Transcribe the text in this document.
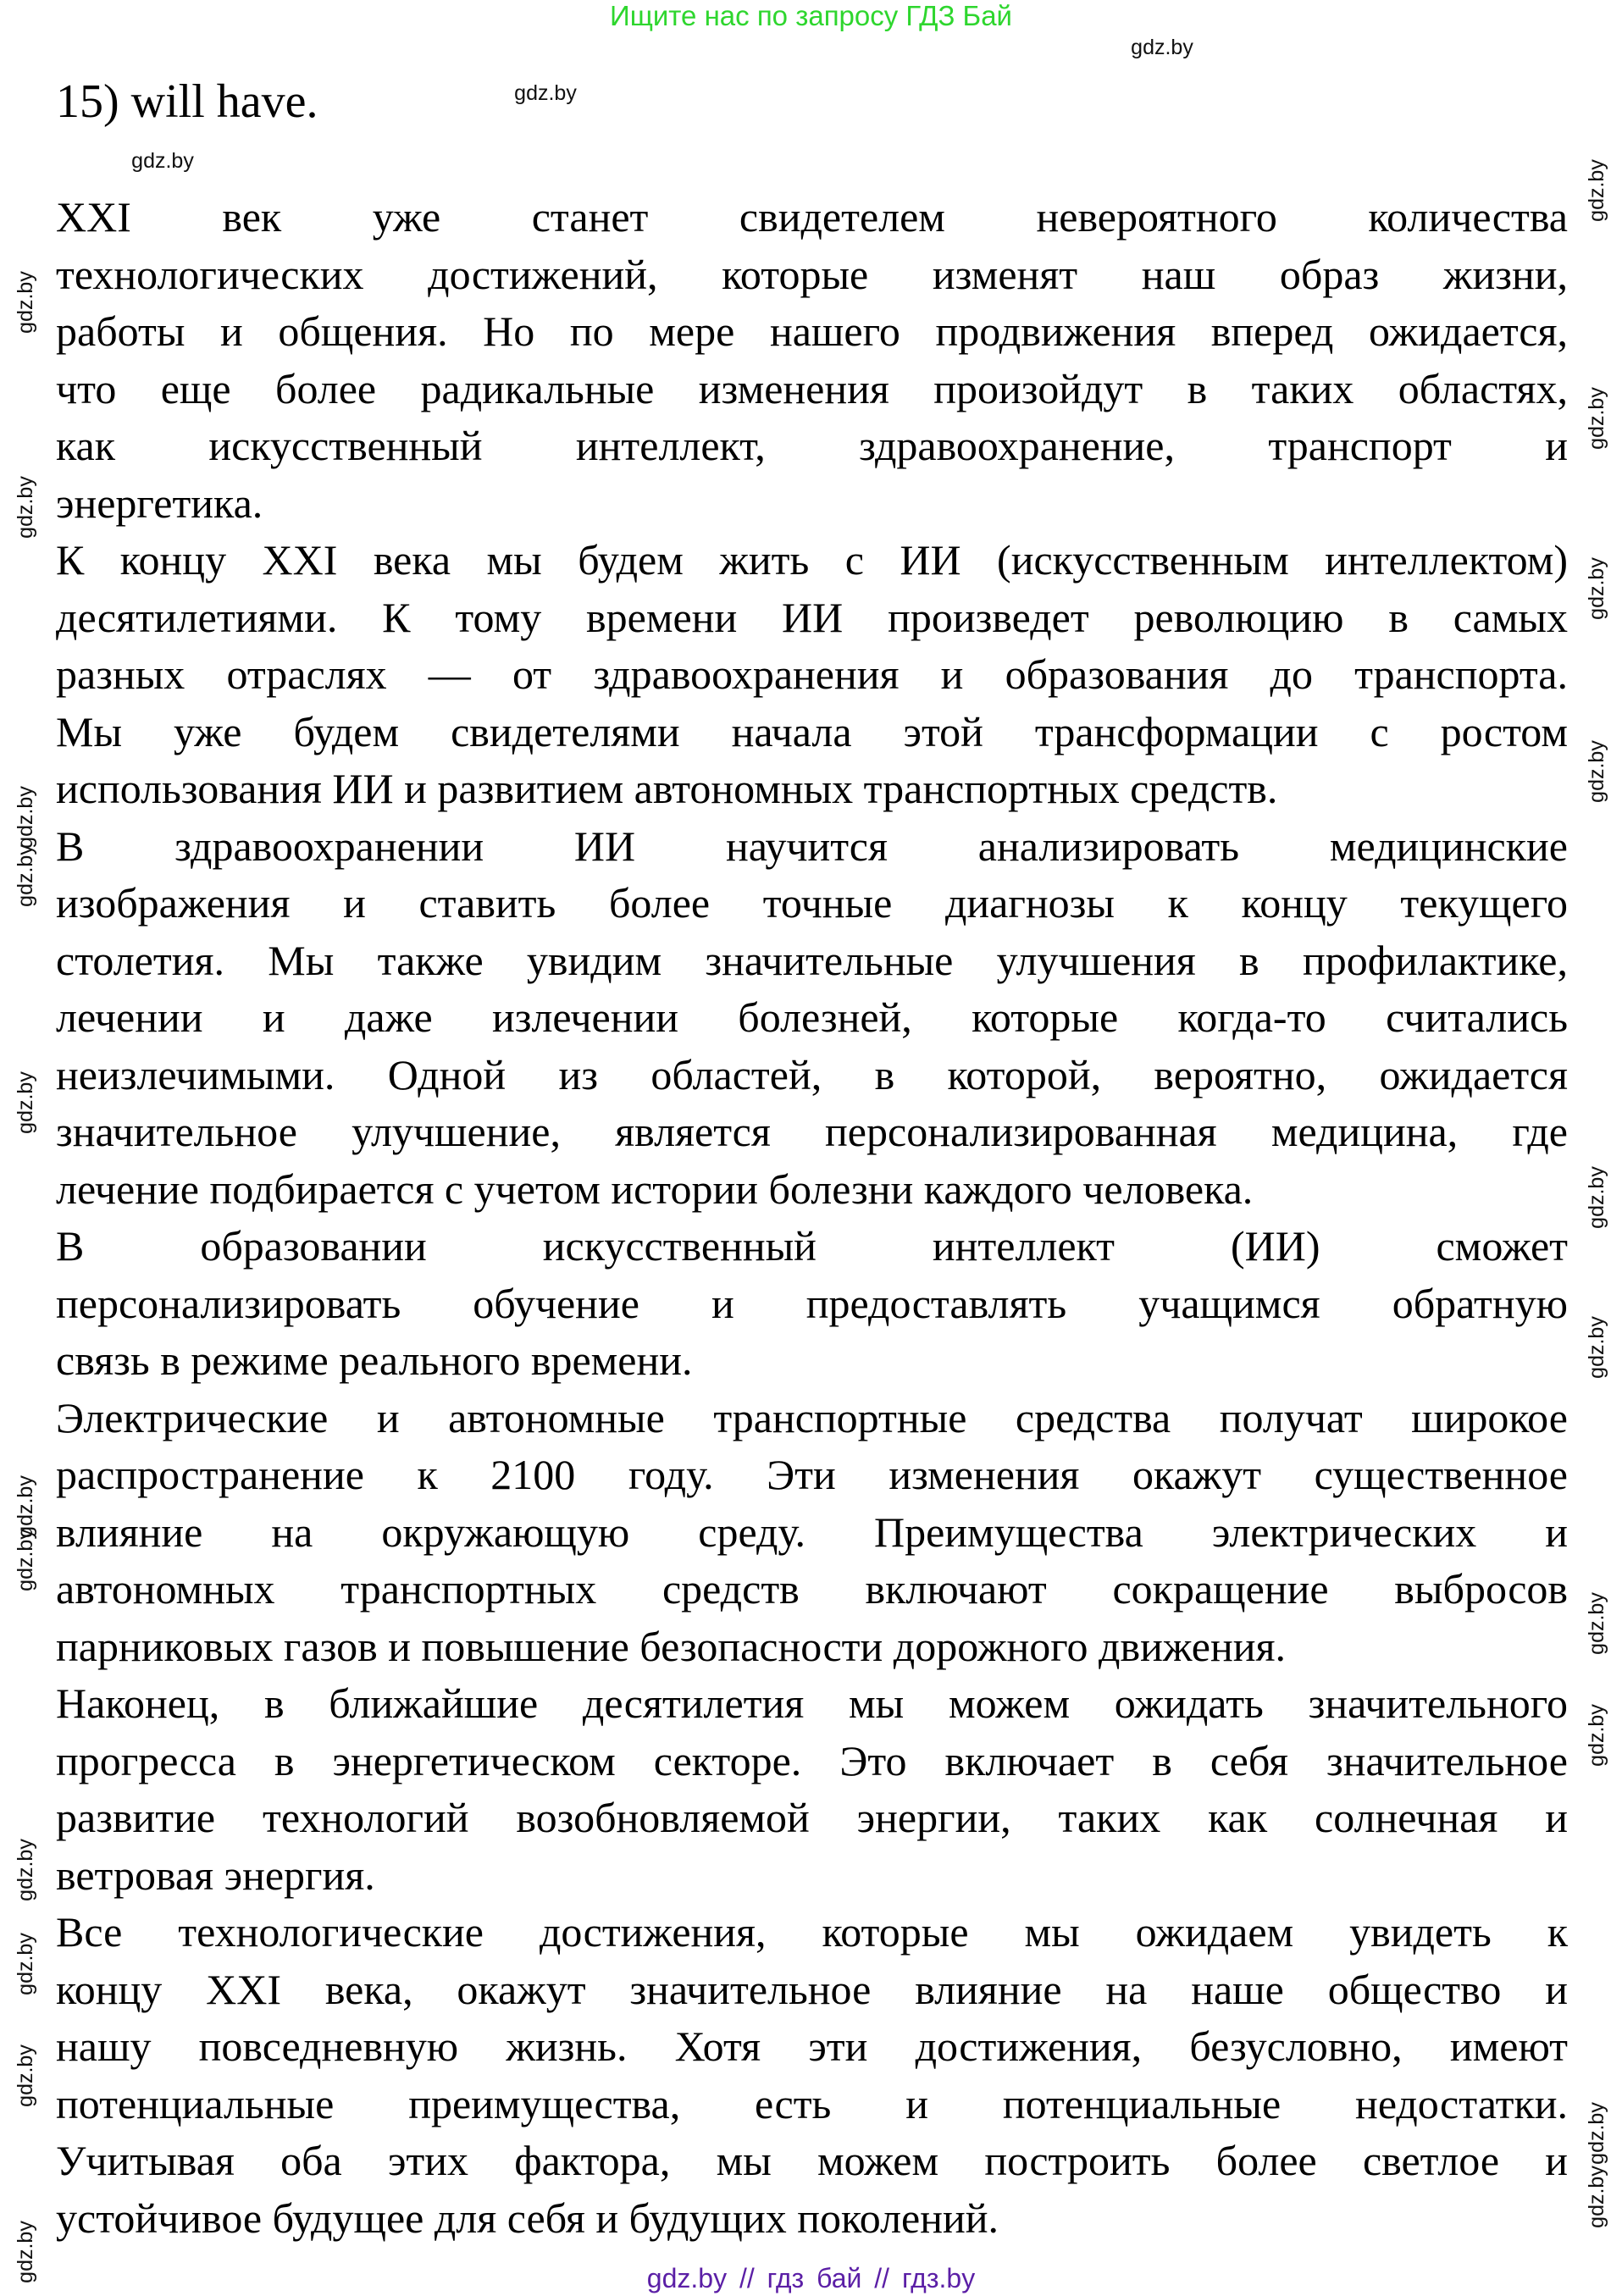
Ищите нас по запросу ГДЗ Бай
15) will have.
XXI век уже станет свидетелем невероятного количества
технологических достижений, которые изменят наш образ жизни,
работы и общения. Но по мере нашего продвижения вперед ожидается,
что еще более радикальные изменения произойдут в таких областях,
как искусственный интеллект, здравоохранение, транспорт и
энергетика.
К концу XXI века мы будем жить с ИИ (искусственным интеллектом)
десятилетиями. К тому времени ИИ произведет революцию в самых
разных отраслях — от здравоохранения и образования до транспорта.
Мы уже будем свидетелями начала этой трансформации с ростом
использования ИИ и развитием автономных транспортных средств.
В здравоохранении ИИ научится анализировать медицинские
изображения и ставить более точные диагнозы к концу текущего
столетия. Мы также увидим значительные улучшения в профилактике,
лечении и даже излечении болезней, которые когда-то считались
неизлечимыми. Одной из областей, в которой, вероятно, ожидается
значительное улучшение, является персонализированная медицина, где
лечение подбирается с учетом истории болезни каждого человека.
В образовании искусственный интеллект (ИИ) сможет
персонализировать обучение и предоставлять учащимся обратную
связь в режиме реального времени.
Электрические и автономные транспортные средства получат широкое
распространение к 2100 году. Эти изменения окажут существенное
влияние на окружающую среду. Преимущества электрических и
автономных транспортных средств включают сокращение выбросов
парниковых газов и повышение безопасности дорожного движения.
Наконец, в ближайшие десятилетия мы можем ожидать значительного
прогресса в энергетическом секторе. Это включает в себя значительное
развитие технологий возобновляемой энергии, таких как солнечная и
ветровая энергия.
Все технологические достижения, которые мы ожидаем увидеть к
концу XXI века, окажут значительное влияние на наше общество и
нашу повседневную жизнь. Хотя эти достижения, безусловно, имеют
потенциальные преимущества, есть и потенциальные недостатки.
Учитывая оба этих фактора, мы можем построить более светлое и
устойчивое будущее для себя и будущих поколений.
gdz.by
gdz.by
gdz.by
gdz.by
gdz.by
gdz.by
gdz.by
gdz.by
gdz.by
gdz.by
gdz.by
gdz.by
gdz.by
gdz.by
gdz.by
gdz.by
gdz.by
gdz.by
gdz.by
gdz.by
gdz.by
gdz.by
gdz.by
gdz.by
gdz.by // гдз бай // гдз.by
